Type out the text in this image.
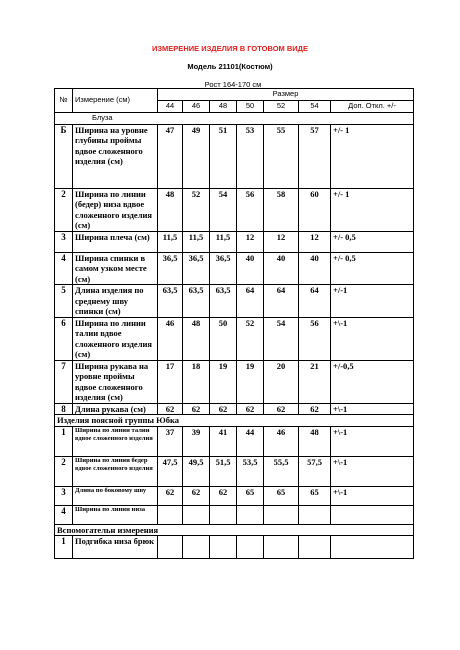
ИЗМЕРЕНИЕ ИЗДЕЛИЯ В ГОТОВОМ ВИДЕ
Модель 21101(Костюм)
Рост 164-170 см
№	Измерение (см)	Размер						
		44	46	48	50	52	54	Доп. Откл. +/-
Блуза								
Б	Ширина на уровне глубины проймы вдвое сложенного изделия (см)	47	49	51	53	55	57	+/- 1
2	Ширина по линии (бедер) низа вдвое сложенного изделия (см)	48	52	54	56	58	60	+/- 1
3	Ширина плеча (см)	11,5	11,5	11,5	12	12	12	+/- 0,5
4	Ширина спинки в самом узком месте (см)	36,5	36,5	36,5	40	40	40	+/- 0,5
5	Длина изделия по среднему шву спинки (см)	63,5	63,5	63,5	64	64	64	+/-1
6	Ширина по линии талии вдвое сложенного изделия (см)	46	48	50	52	54	56	+\-1
7	Ширина рукава на уровне проймы вдвое сложенного изделия (см)	17	18	19	19	20	21	+/-0,5
8	Длина рукава (см)	62	62	62	62	62	62	+\-1
Изделия поясной группы Юбка								
1	Ширина по линии талии вдвое сложенного изделия	37	39	41	44	46	48	+\-1
2	Ширина по линии бедер вдвое сложенного изделия	47,5	49,5	51,5	53,5	55,5	57,5	+\-1
3	Длина по боковому шву	62	62	62	65	65	65	+\-1
4	Ширина по линии низа							
Вспомогательн измерения								
1	Подгибка низа брюк							
